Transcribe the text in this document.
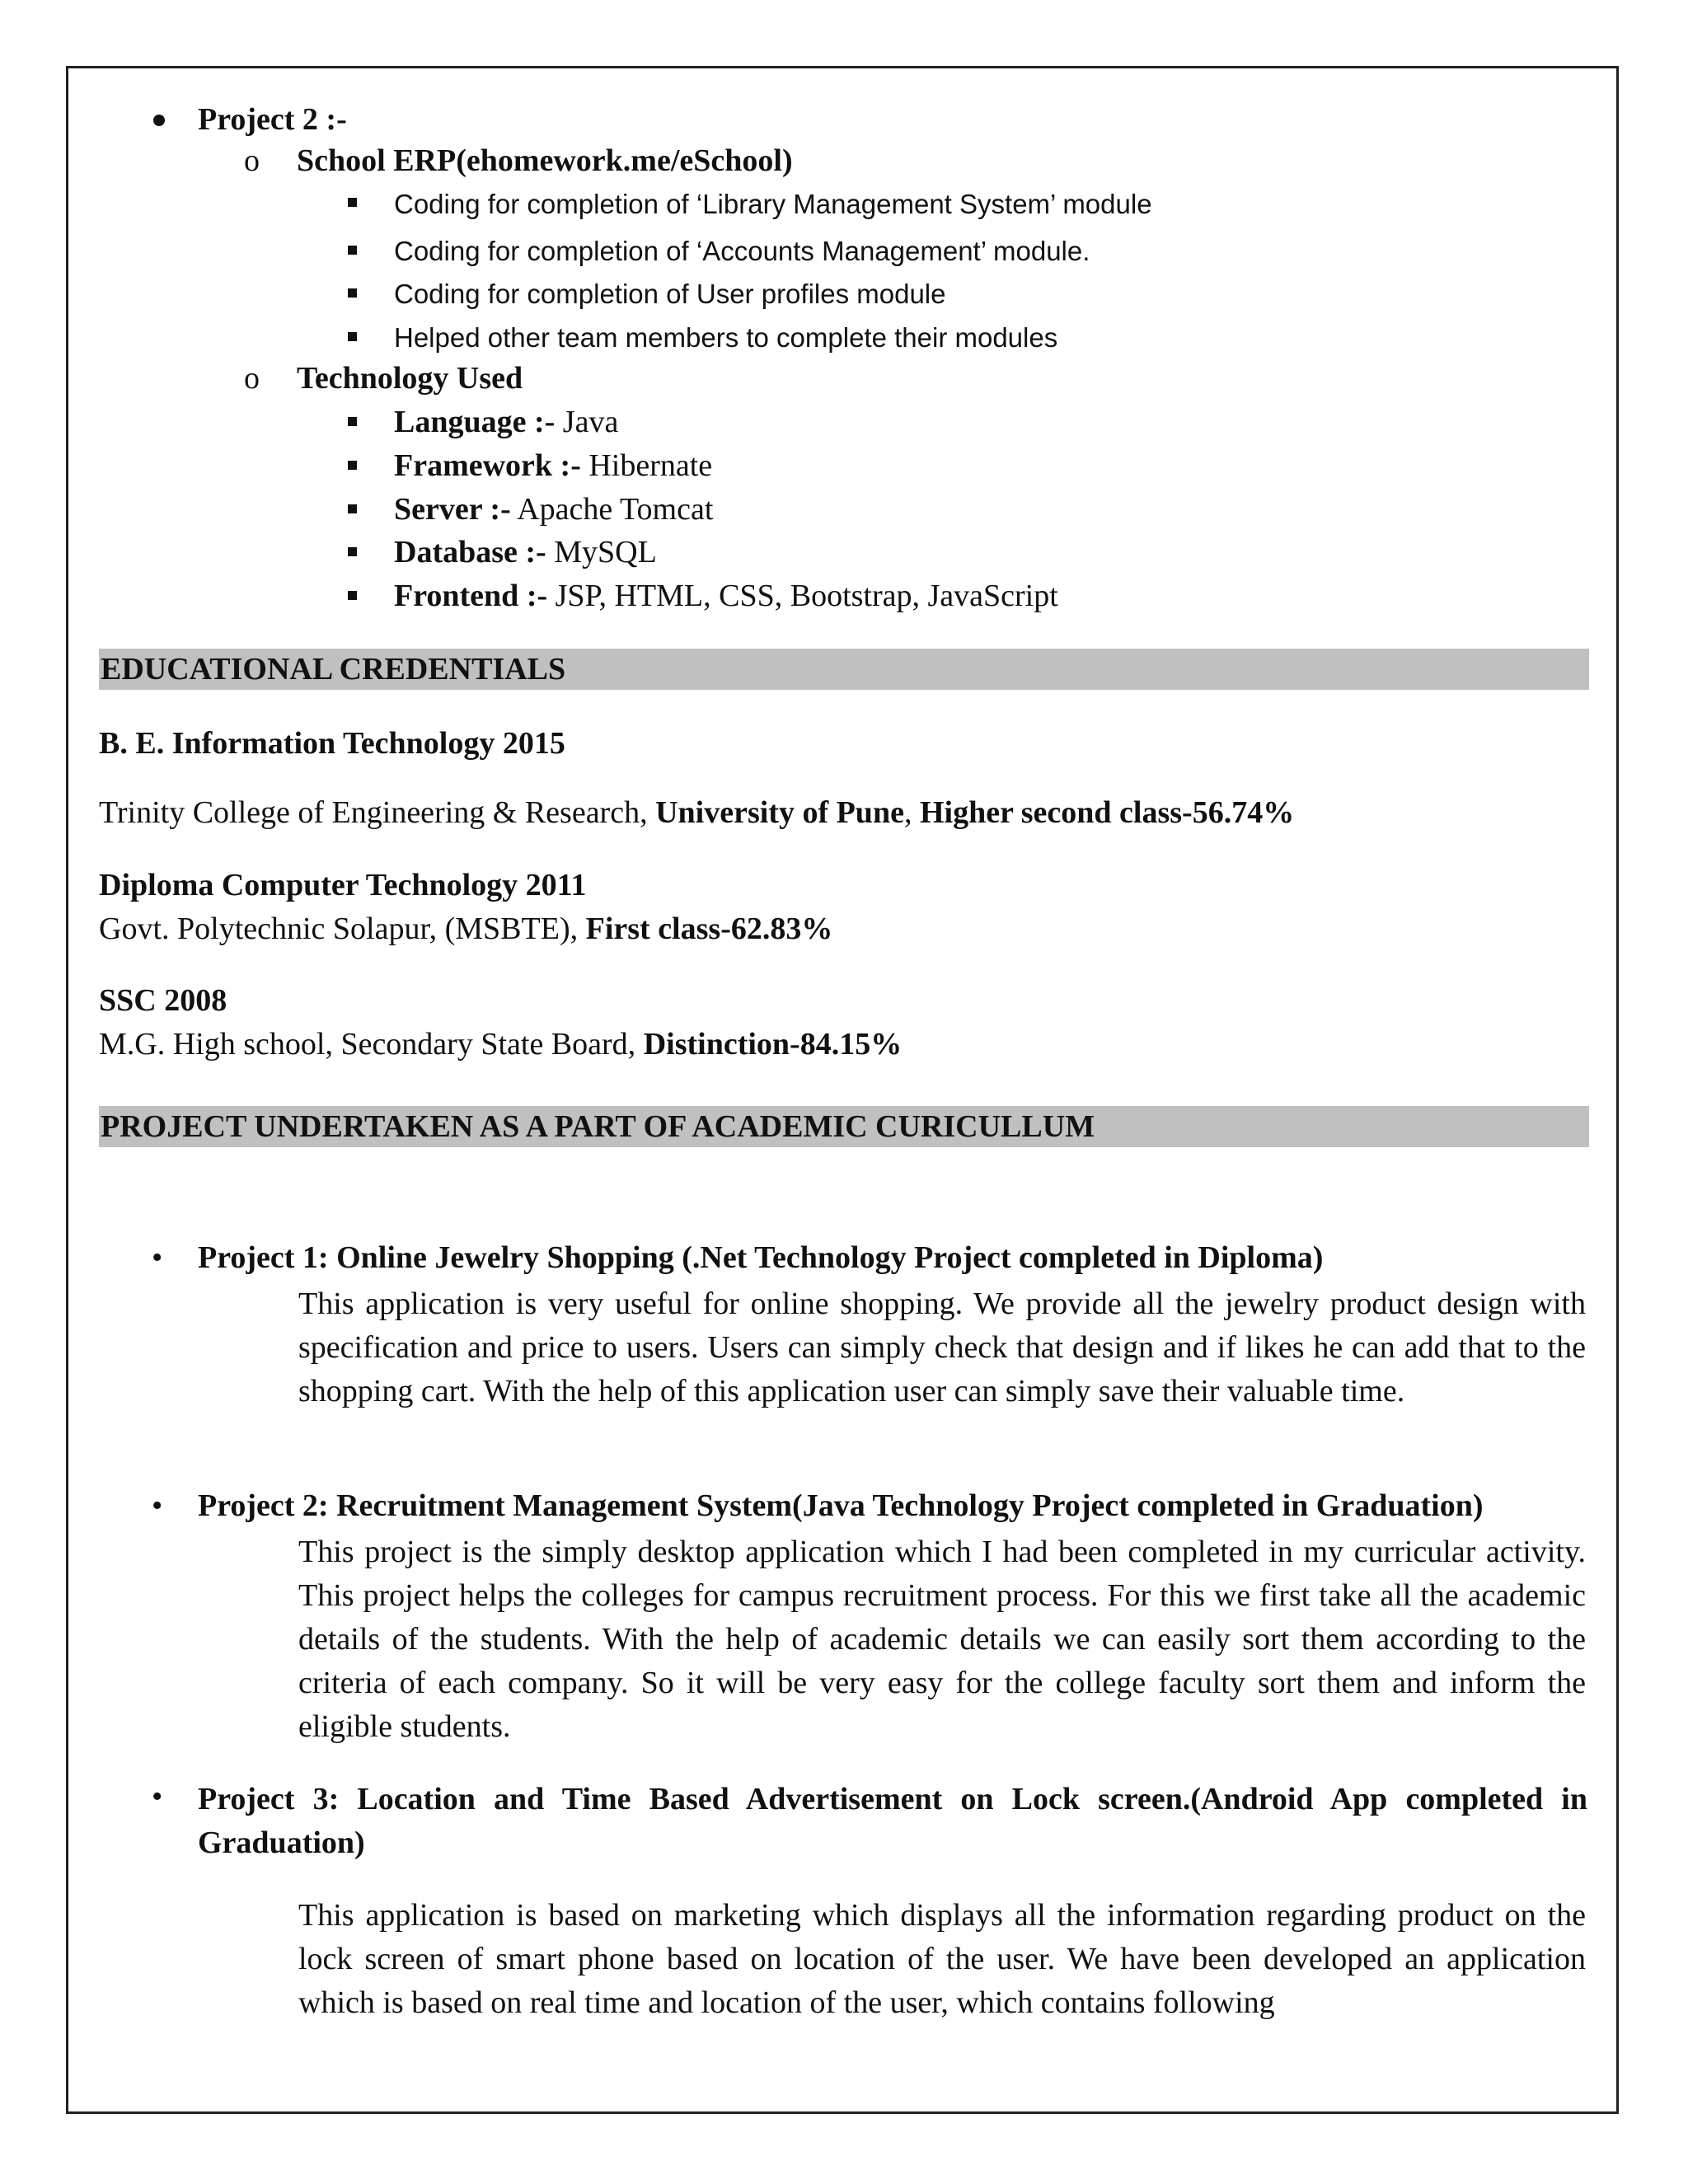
Project 2 :-
o School ERP(ehomework.me/eSchool)
Coding for completion of ‘Library Management System’ module
Coding for completion of ‘Accounts Management’ module.
Coding for completion of User profiles module
Helped other team members to complete their modules
o Technology Used
Language :- Java
Framework :- Hibernate
Server :- Apache Tomcat
Database :- MySQL
Frontend :- JSP, HTML, CSS, Bootstrap, JavaScript
EDUCATIONAL CREDENTIALS
B. E. Information Technology 2015
Trinity College of Engineering & Research, University of Pune, Higher second class-56.74%
Diploma Computer Technology 2011
Govt. Polytechnic Solapur, (MSBTE), First class-62.83%
SSC 2008
M.G. High school, Secondary State Board, Distinction-84.15%
PROJECT UNDERTAKEN AS A PART OF ACADEMIC CURICULLUM
• Project 1: Online Jewelry Shopping (.Net Technology Project completed in Diploma)
This application is very useful for online shopping. We provide all the jewelry product design with specification and price to users. Users can simply check that design and if likes he can add that to the shopping cart. With the help of this application user can simply save their valuable time.
• Project 2: Recruitment Management System(Java Technology Project completed in Graduation)
This project is the simply desktop application which I had been completed in my curricular activity. This project helps the colleges for campus recruitment process. For this we first take all the academic details of the students. With the help of academic details we can easily sort them according to the criteria of each company. So it will be very easy for the college faculty sort them and inform the eligible students.
• Project 3: Location and Time Based Advertisement on Lock screen.(Android App completed in Graduation)
This application is based on marketing which displays all the information regarding product on the lock screen of smart phone based on location of the user. We have been developed an application which is based on real time and location of the user, which contains following
